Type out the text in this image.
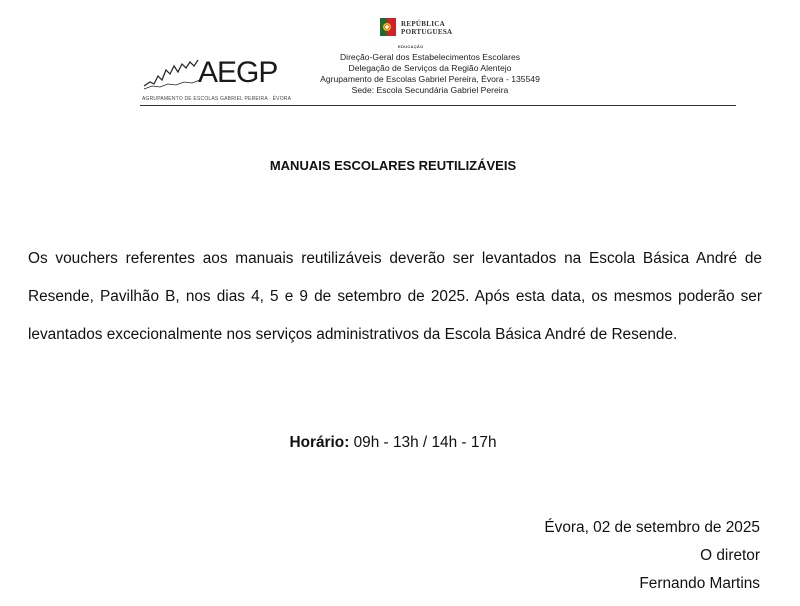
AEGP
AGRUPAMENTO DE ESCOLAS GABRIEL PEREIRA · ÉVORA
REPÚBLICA
PORTUGUESA
EDUCAÇÃO
Direção-Geral dos Estabelecimentos Escolares
Delegação de Serviços da Região Alentejo
Agrupamento de Escolas Gabriel Pereira, Évora - 135549
Sede: Escola Secundária Gabriel Pereira
MANUAIS ESCOLARES REUTILIZÁVEIS
Os vouchers referentes aos manuais reutilizáveis deverão ser levantados na Escola Básica André de Resende, Pavilhão B, nos dias 4, 5 e 9 de setembro de 2025. Após esta data, os mesmos poderão ser levantados excecionalmente nos serviços administrativos da Escola Básica André de Resende.
Horário: 09h - 13h / 14h - 17h
Évora, 02 de setembro de 2025
O diretor
Fernando Martins
